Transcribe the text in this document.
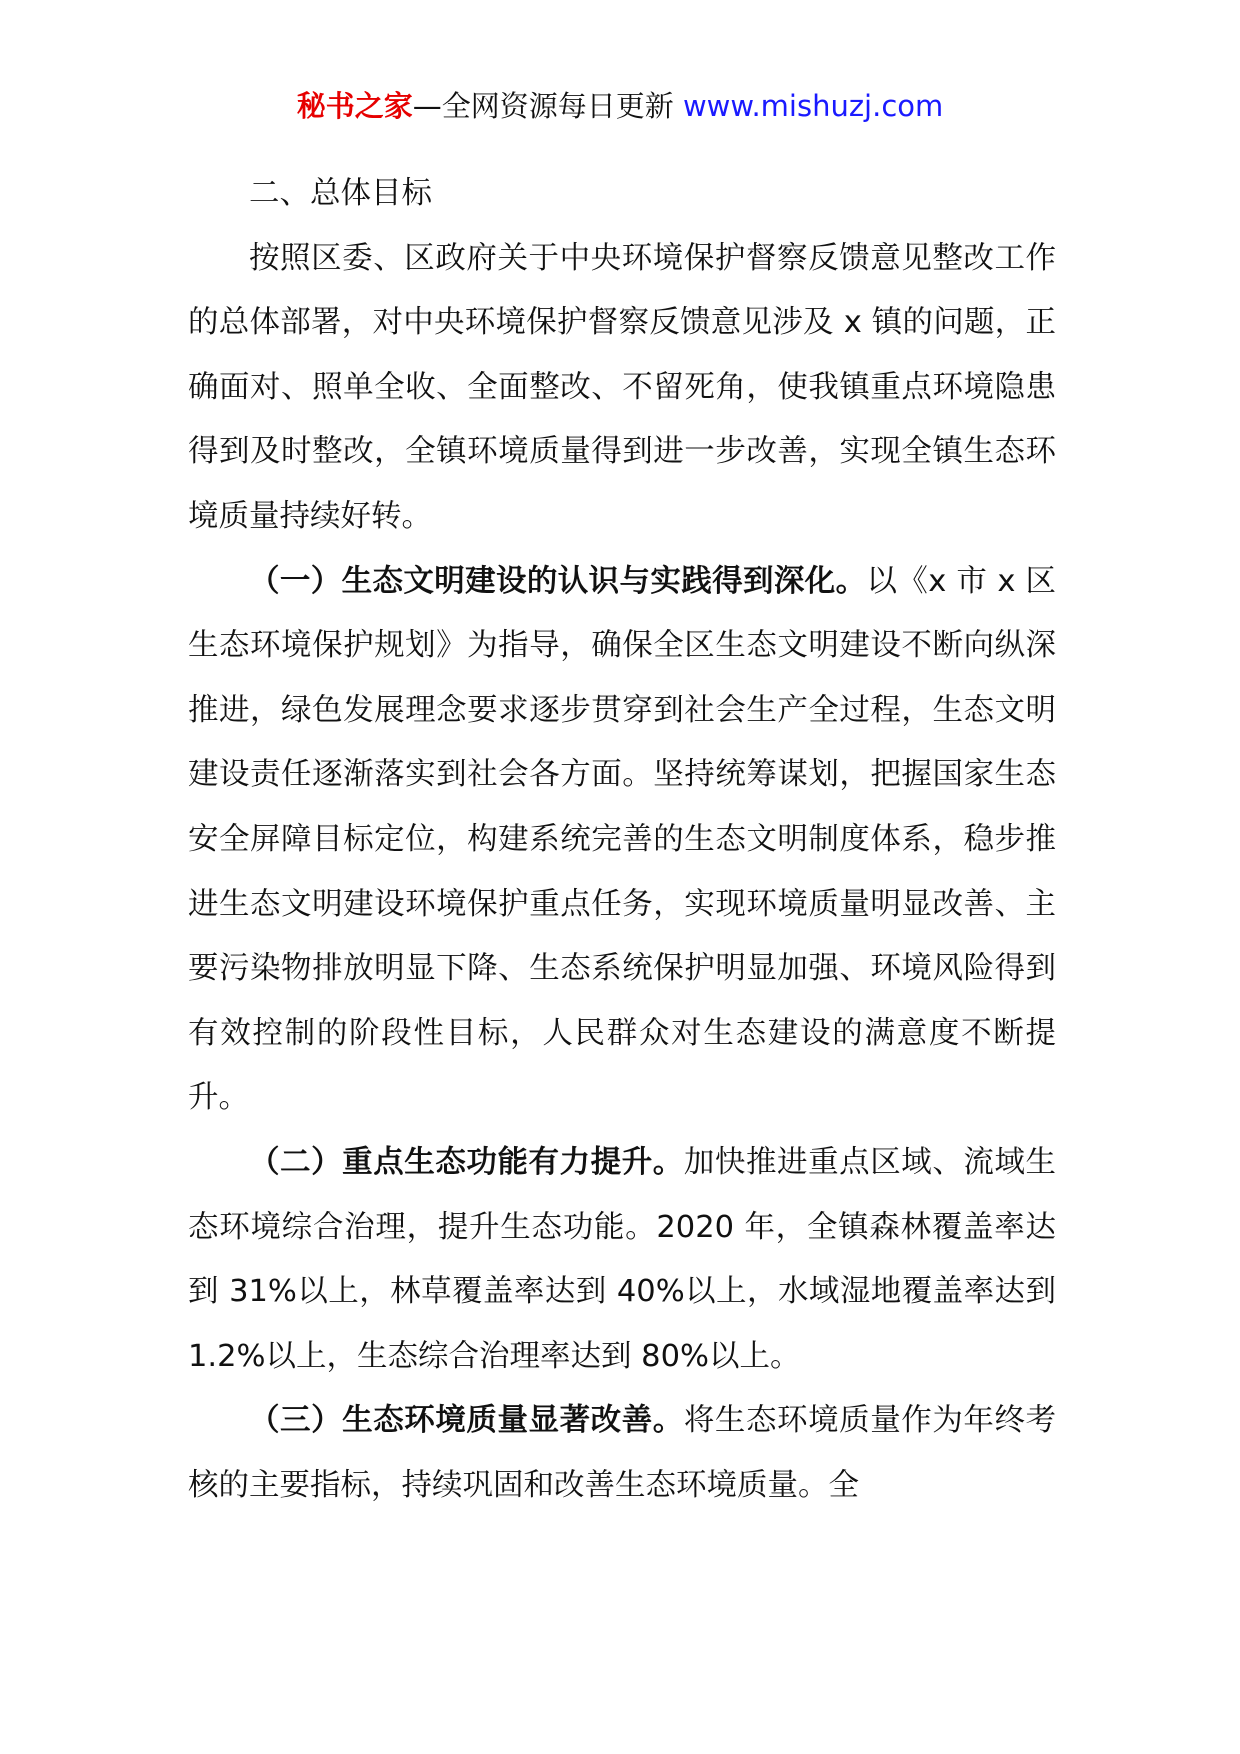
秘书之家—全网资源每日更新 www.mishuzj.com

二、总体目标

按照区委、区政府关于中央环境保护督察反馈意见整改工作的总体部署，对中央环境保护督察反馈意见涉及 x 镇的问题，正确面对、照单全收、全面整改、不留死角，使我镇重点环境隐患得到及时整改，全镇环境质量得到进一步改善，实现全镇生态环境质量持续好转。

（一）生态文明建设的认识与实践得到深化。以《x 市 x 区生态环境保护规划》为指导，确保全区生态文明建设不断向纵深推进，绿色发展理念要求逐步贯穿到社会生产全过程，生态文明建设责任逐渐落实到社会各方面。坚持统筹谋划，把握国家生态安全屏障目标定位，构建系统完善的生态文明制度体系，稳步推进生态文明建设环境保护重点任务，实现环境质量明显改善、主要污染物排放明显下降、生态系统保护明显加强、环境风险得到有效控制的阶段性目标，人民群众对生态建设的满意度不断提升。

（二）重点生态功能有力提升。加快推进重点区域、流域生态环境综合治理，提升生态功能。2020 年，全镇森林覆盖率达到 31%以上，林草覆盖率达到 40%以上，水域湿地覆盖率达到 1.2%以上，生态综合治理率达到 80%以上。

（三）生态环境质量显著改善。将生态环境质量作为年终考核的主要指标，持续巩固和改善生态环境质量。全
